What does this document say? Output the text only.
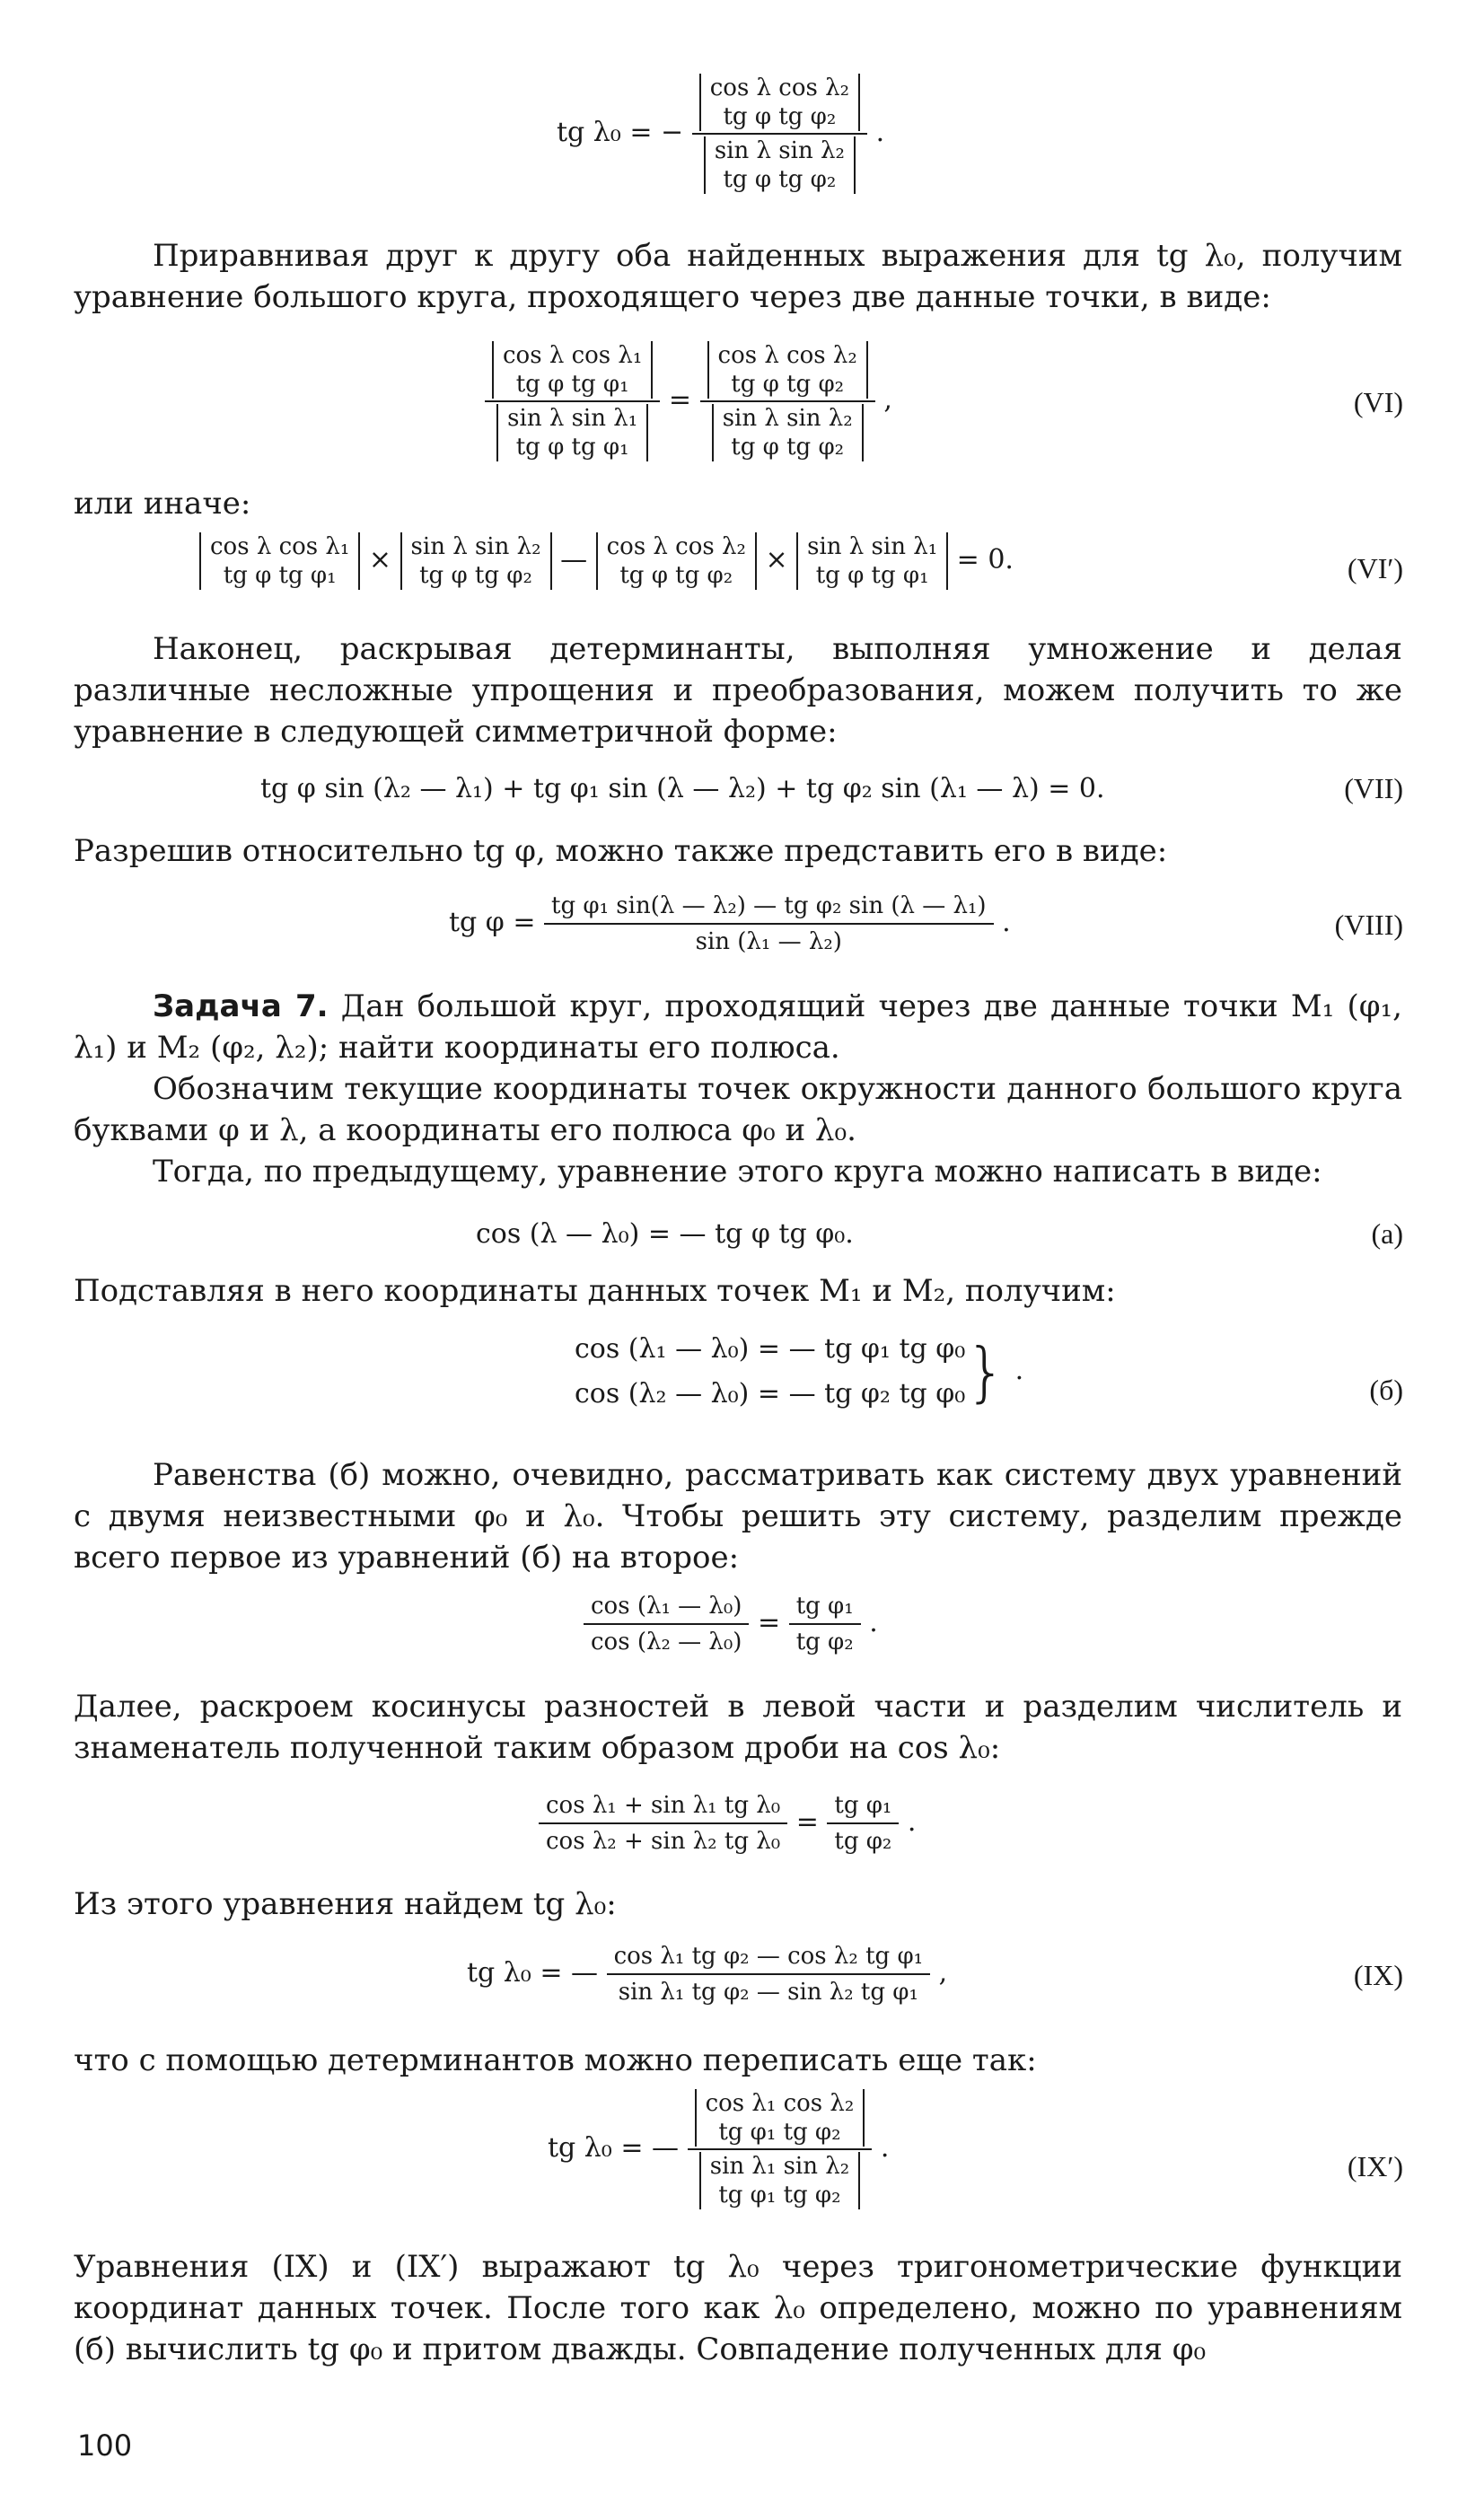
tg λ₀ = −
cos λ cos λ₂
tg φ tg φ₂
sin λ sin λ₂
tg φ tg φ₂
.

Приравнивая друг к другу оба найденных выражения для tg λ₀, получим уравнение большого круга, проходящего через две данные точки, в виде:

cos λ cos λ₁
tg φ tg φ₁
sin λ sin λ₁
tg φ tg φ₁
=
cos λ cos λ₂
tg φ tg φ₂
sin λ sin λ₂
tg φ tg φ₂
,	(VI)

или иначе:

cos λ cos λ₁
tg φ tg φ₁ × sin λ sin λ₂
tg φ tg φ₂ — cos λ cos λ₂
tg φ tg φ₂ × sin λ sin λ₁
tg φ tg φ₁ = 0.	(VI′)

Наконец, раскрывая детерминанты, выполняя умножение и делая различные несложные упрощения и преобразования, можем получить то же уравнение в следующей симметричной форме:

tg φ sin (λ₂ — λ₁) + tg φ₁ sin (λ — λ₂) + tg φ₂ sin (λ₁ — λ) = 0.	(VII)

Разрешив относительно tg φ, можно также представить его в виде:

tg $\varphi = \frac{\text{tg φ₁ sin(λ — λ₂) — tg φ₂ sin (λ — λ₁)}}{\text{sin (λ₁ — λ₂)}}$ .	(VIII)

Задача 7. Дан большой круг, проходящий через две данные точки M₁ (φ₁, λ₁) и M₂ (φ₂, λ₂); найти координаты его полюса.

Обозначим текущие координаты точек окружности данного большого круга буквами φ и λ, а координаты его полюса φ₀ и λ₀.

Тогда, по предыдущему, уравнение этого круга можно написать в виде:

cos (λ — λ₀) = — tg φ tg φ₀.	(a)

Подставляя в него координаты данных точек M₁ и M₂, получим:

cos (λ₁ — λ₀) = — tg φ₁ tg φ₀
cos (λ₂ — λ₀) = — tg φ₂ tg φ₀ } .
(б)

Равенства (б) можно, очевидно, рассматривать как систему двух уравнений с двумя неизвестными φ₀ и λ₀. Чтобы решить эту систему, разделим прежде всего первое из уравнений (б) на второе:

$\frac{\text{cos (λ₁ — λ₀)}}{\text{cos (λ₂ — λ₀)}} = \frac{\text{tg φ₁}}{\text{tg φ₂}}$ .

Далее, раскроем косинусы разностей в левой части и разделим числитель и знаменатель полученной таким образом дроби на cos λ₀:

$\frac{\text{cos λ₁ + sin λ₁ tg λ₀}}{\text{cos λ₂ + sin λ₂ tg λ₀}} = \frac{\text{tg φ₁}}{\text{tg φ₂}}$ .

Из этого уравнения найдем tg λ₀:

tg λ₀ = — $\frac{\text{cos λ₁ tg φ₂ — cos λ₂ tg φ₁}}{\text{sin λ₁ tg φ₂ — sin λ₂ tg φ₁}}$ ,	(IX)

что с помощью детерминантов можно переписать еще так:

tg λ₀ = —
cos λ₁ cos λ₂
tg φ₁ tg φ₂
sin λ₁ sin λ₂
tg φ₁ tg φ₂
.
(IX′)

Уравнения (IX) и (IX′) выражают tg λ₀ через тригонометрические функции координат данных точек. После того как λ₀ определено, можно по уравнениям (б) вычислить tg φ₀ и притом дважды. Совпадение полученных для φ₀

100
